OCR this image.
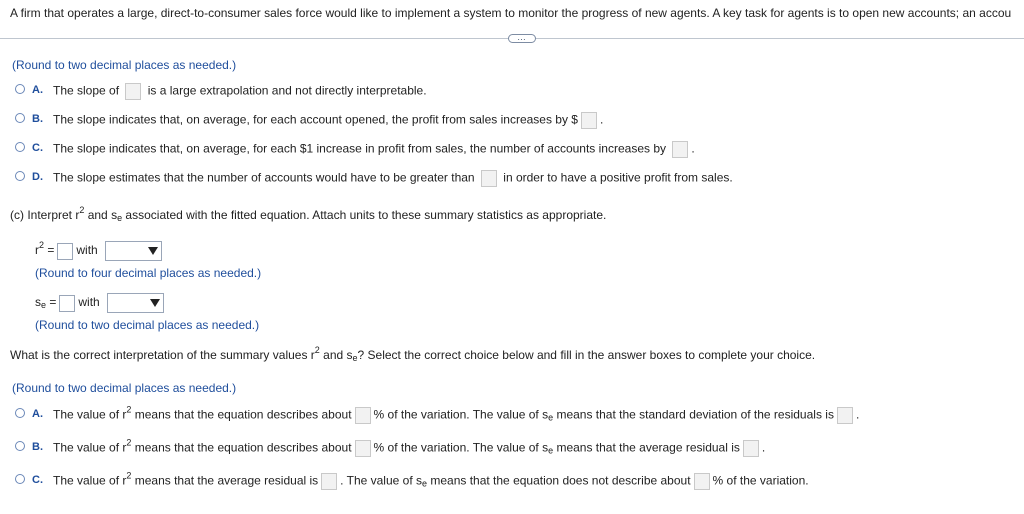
A firm that operates a large, direct-to-consumer sales force would like to implement a system to monitor the progress of new agents. A key task for agents is to open new accounts; an accou
…
(Round to two decimal places as needed.)
A. The slope of is a large extrapolation and not directly interpretable.
B. The slope indicates that, on average, for each account opened, the profit from sales increases by $ .
C. The slope indicates that, on average, for each $1 increase in profit from sales, the number of accounts increases by .
D. The slope estimates that the number of accounts would have to be greater than in order to have a positive profit from sales.
(c) Interpret $r^2$ and $s_e$ associated with the fitted equation. Attach units to these summary statistics as appropriate.
$r^2$ = with
(Round to four decimal places as needed.)
$s_e$ = with
(Round to two decimal places as needed.)
What is the correct interpretation of the summary values $r^2$ and $s_e$? Select the correct choice below and fill in the answer boxes to complete your choice.
(Round to two decimal places as needed.)
A. The value of $r^2$ means that the equation describes about % of the variation. The value of $s_e$ means that the standard deviation of the residuals is .
B. The value of $r^2$ means that the equation describes about % of the variation. The value of $s_e$ means that the average residual is .
C. The value of $r^2$ means that the average residual is . The value of $s_e$ means that the equation does not describe about % of the variation.
